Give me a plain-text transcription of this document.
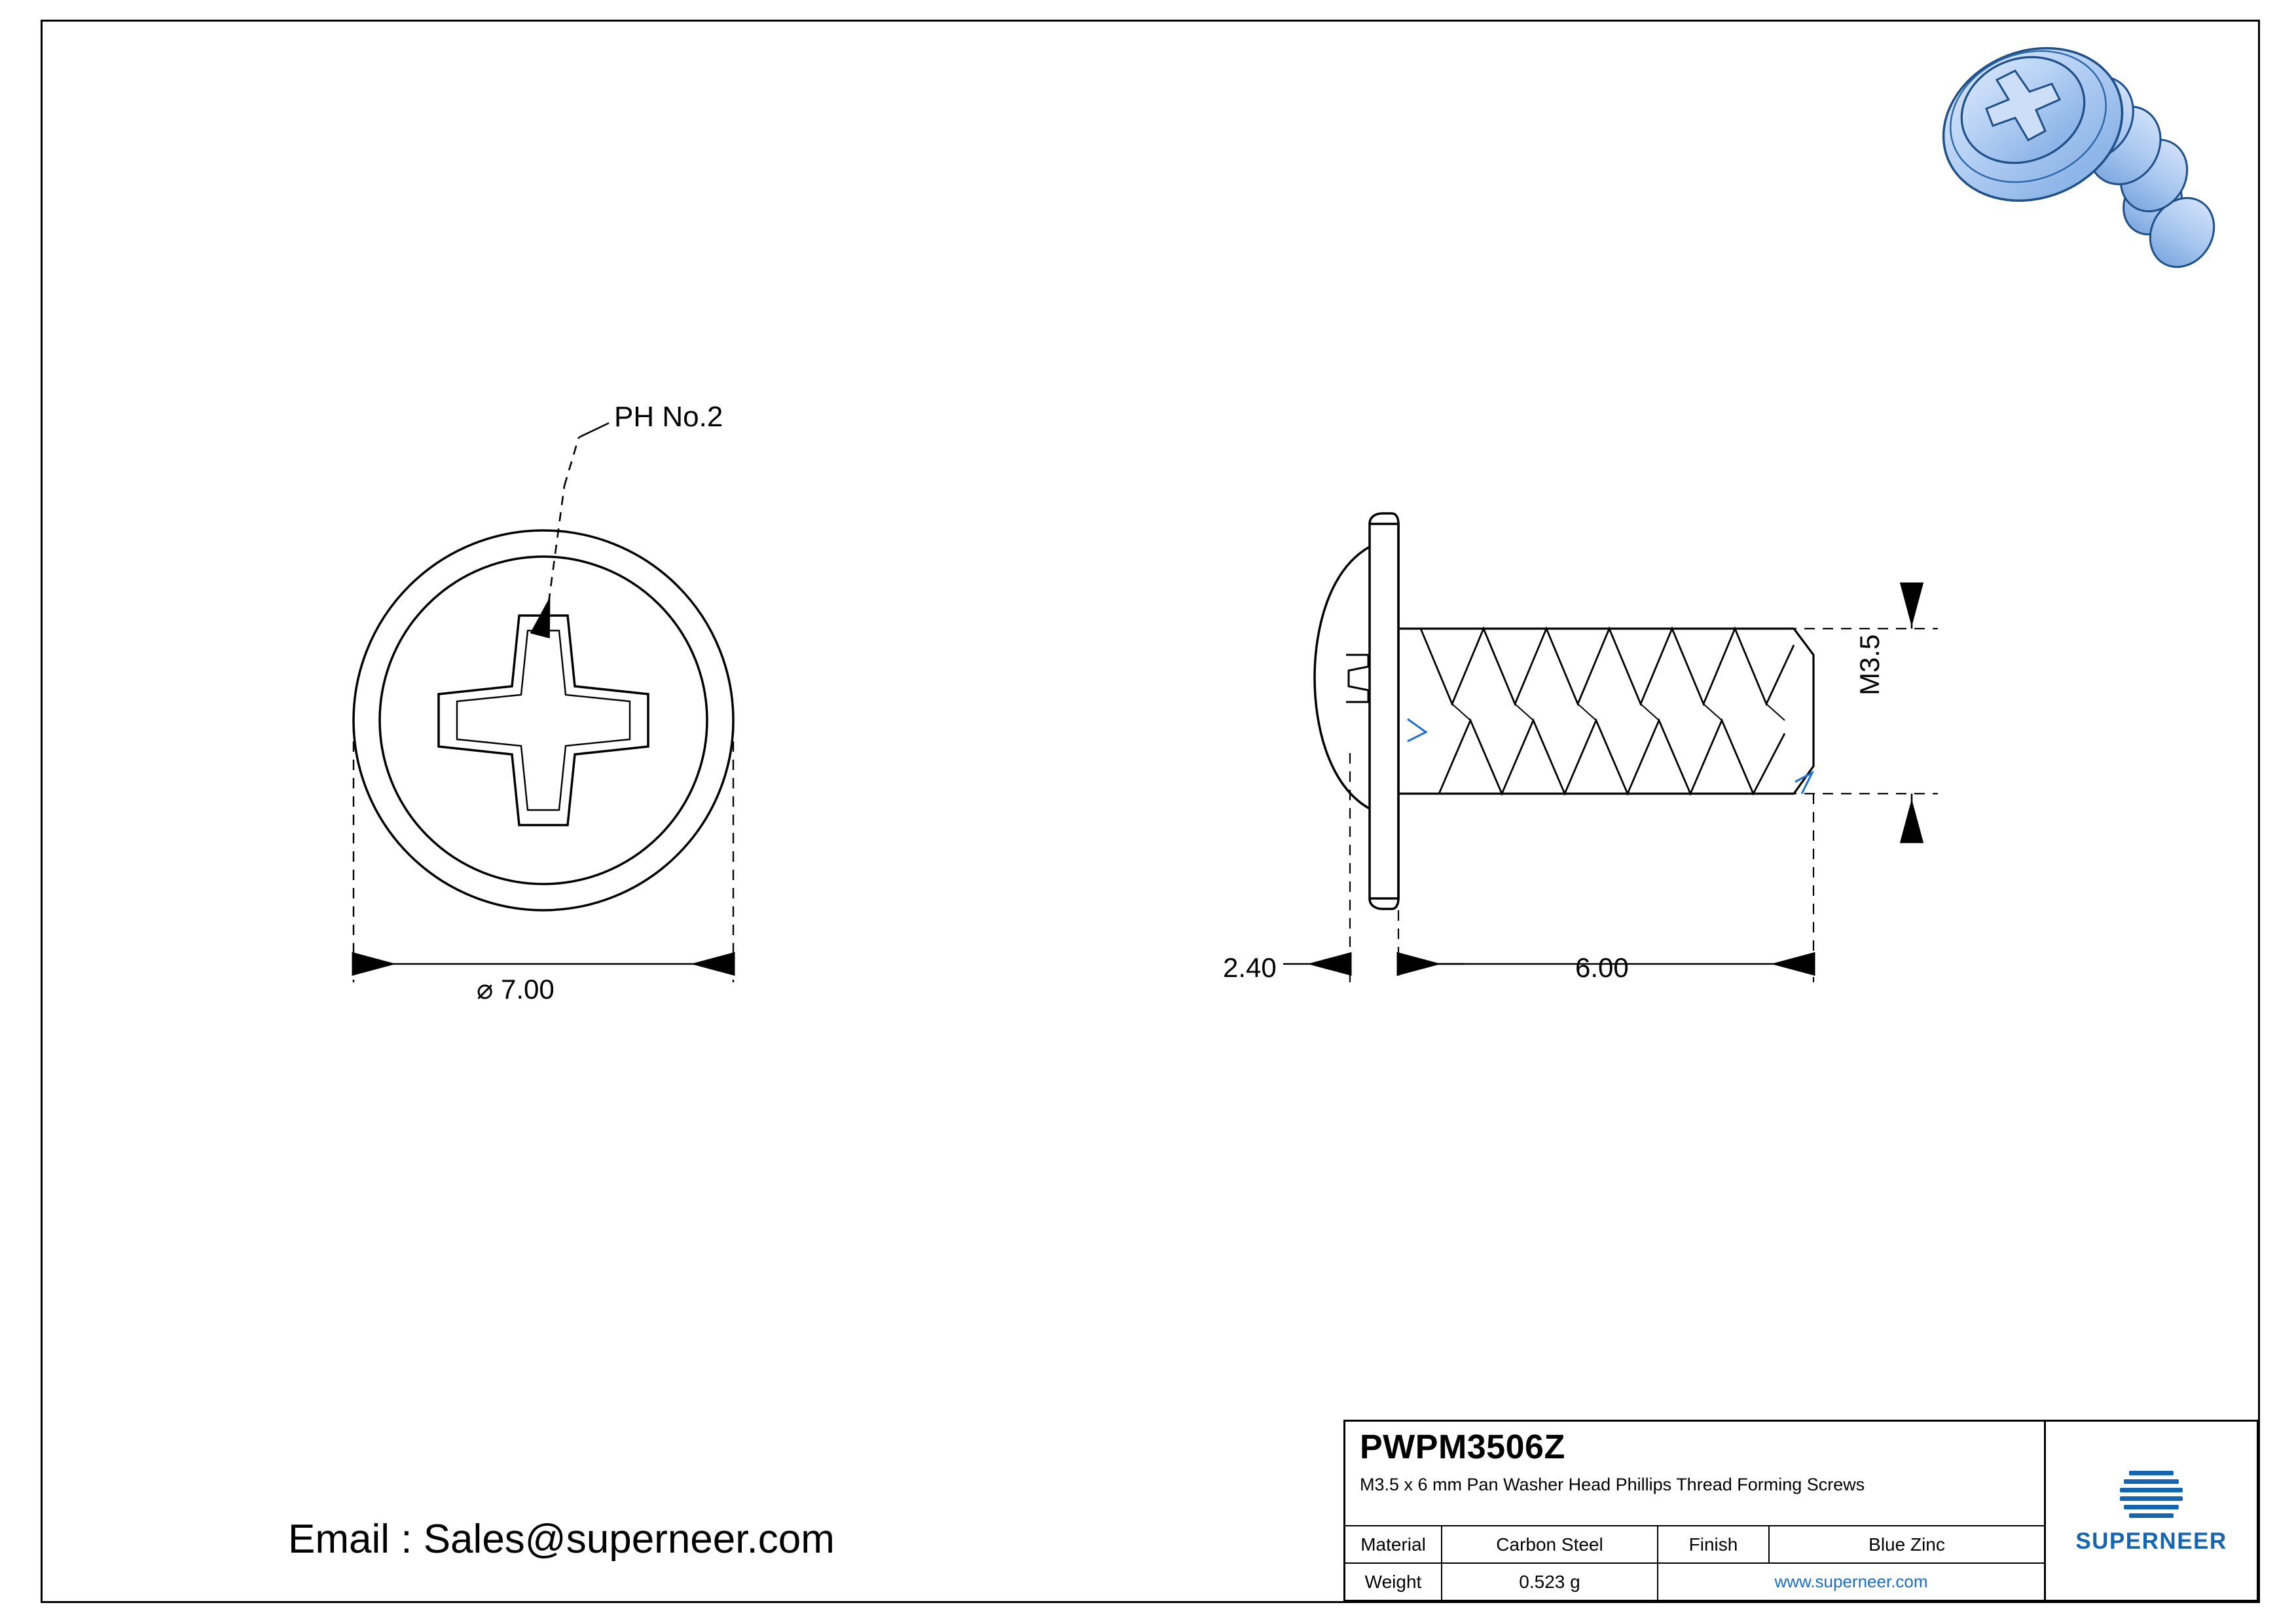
PH No.2
⌀ 7.00
2.40	6.00
M3.5
Email : Sales@superneer.com
PWPM3506Z
M3.5 x 6 mm Pan Washer Head Phillips Thread Forming Screws
Material	Carbon Steel	Finish	Blue Zinc
Weight	0.523 g	www.superneer.com
SUPERNEER
